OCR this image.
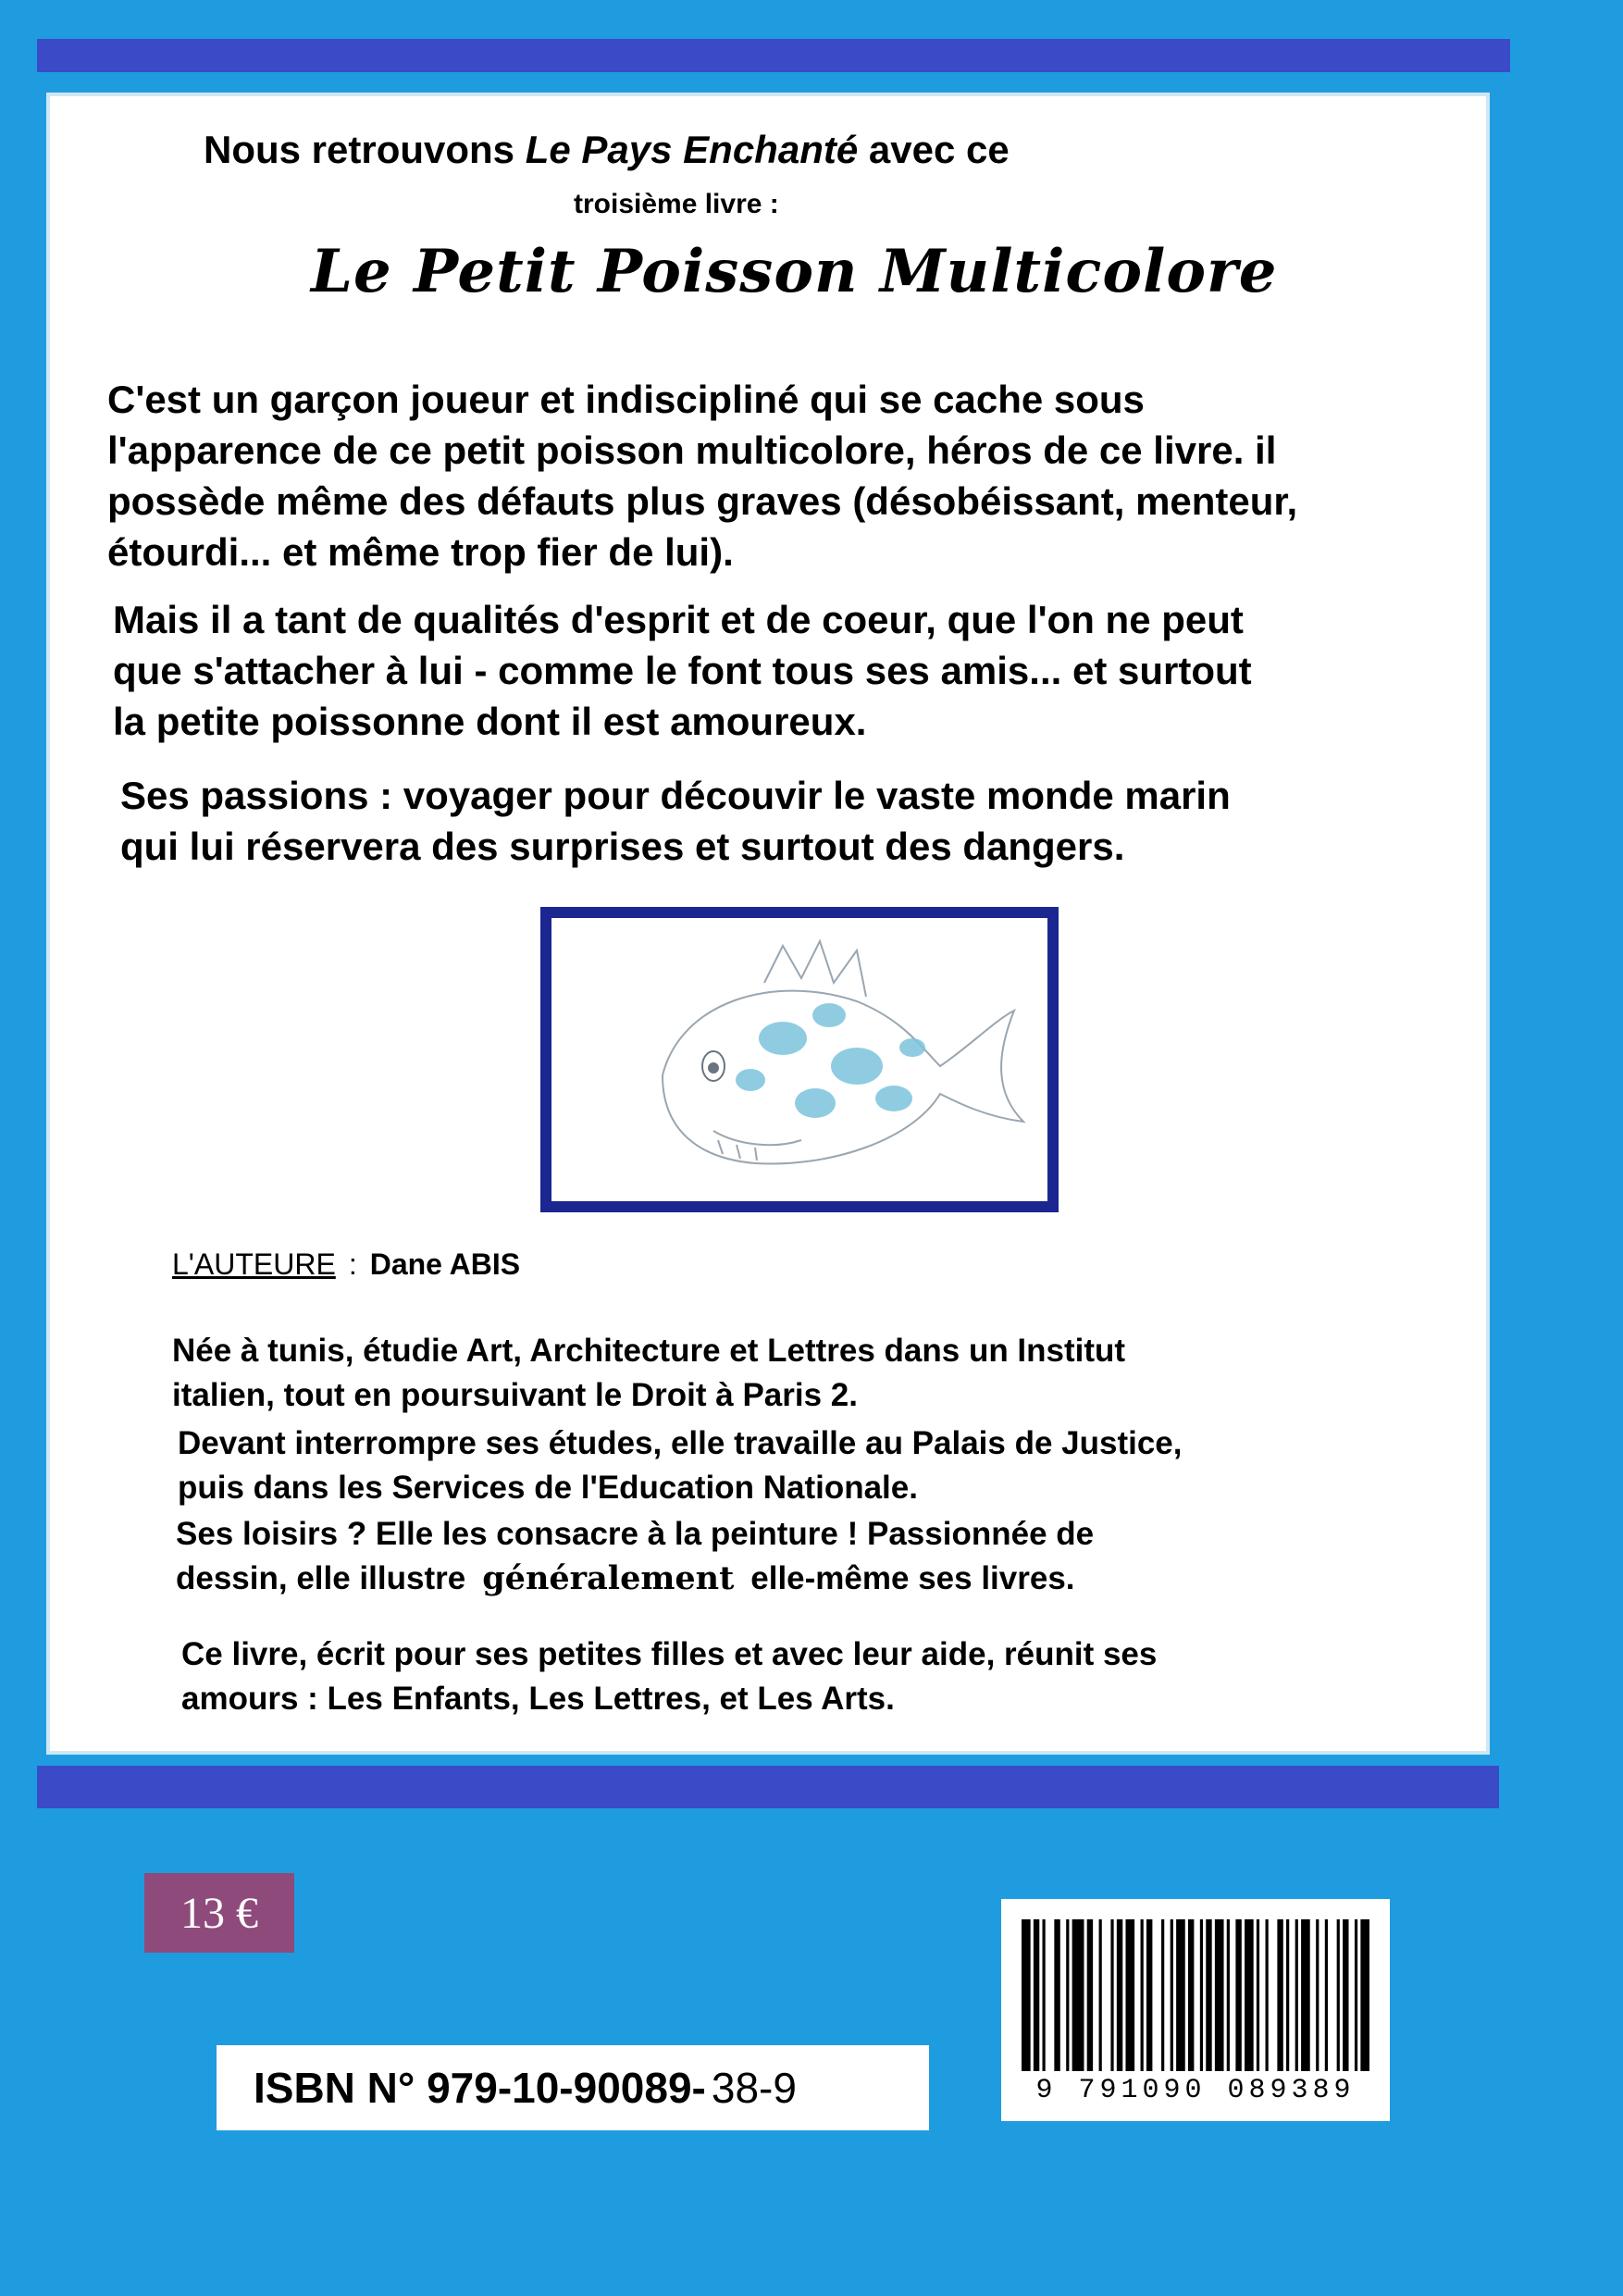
Nous retrouvons Le Pays Enchanté avec ce
troisième livre :
Le Petit Poisson Multicolore
C'est un garçon joueur et indiscipliné qui se cache sous
l'apparence de ce petit poisson multicolore, héros de ce livre. il
possède même des défauts plus graves (désobéissant, menteur,
étourdi... et même trop fier de lui).
Mais il a tant de qualités d'esprit et de coeur, que l'on ne peut
que s'attacher à lui - comme le font tous ses amis... et surtout
la petite poissonne dont il est amoureux.
Ses passions : voyager pour découvir le vaste monde marin
qui lui réservera des surprises et surtout des dangers.
L'AUTEURE : Dane ABIS
Née à tunis, étudie Art, Architecture et Lettres dans un Institut
italien, tout en poursuivant le Droit à Paris 2.
Devant interrompre ses études, elle travaille au Palais de Justice,
puis dans les Services de l'Education Nationale.
Ses loisirs ? Elle les consacre à la peinture ! Passionnée de
dessin, elle illustre généralement elle-même ses livres.
Ce livre, écrit pour ses petites filles et avec leur aide, réunit ses
amours : Les Enfants, Les Lettres, et Les Arts.
13 €
ISBN N° 979-10-90089- 38-9	9 791090 089389
